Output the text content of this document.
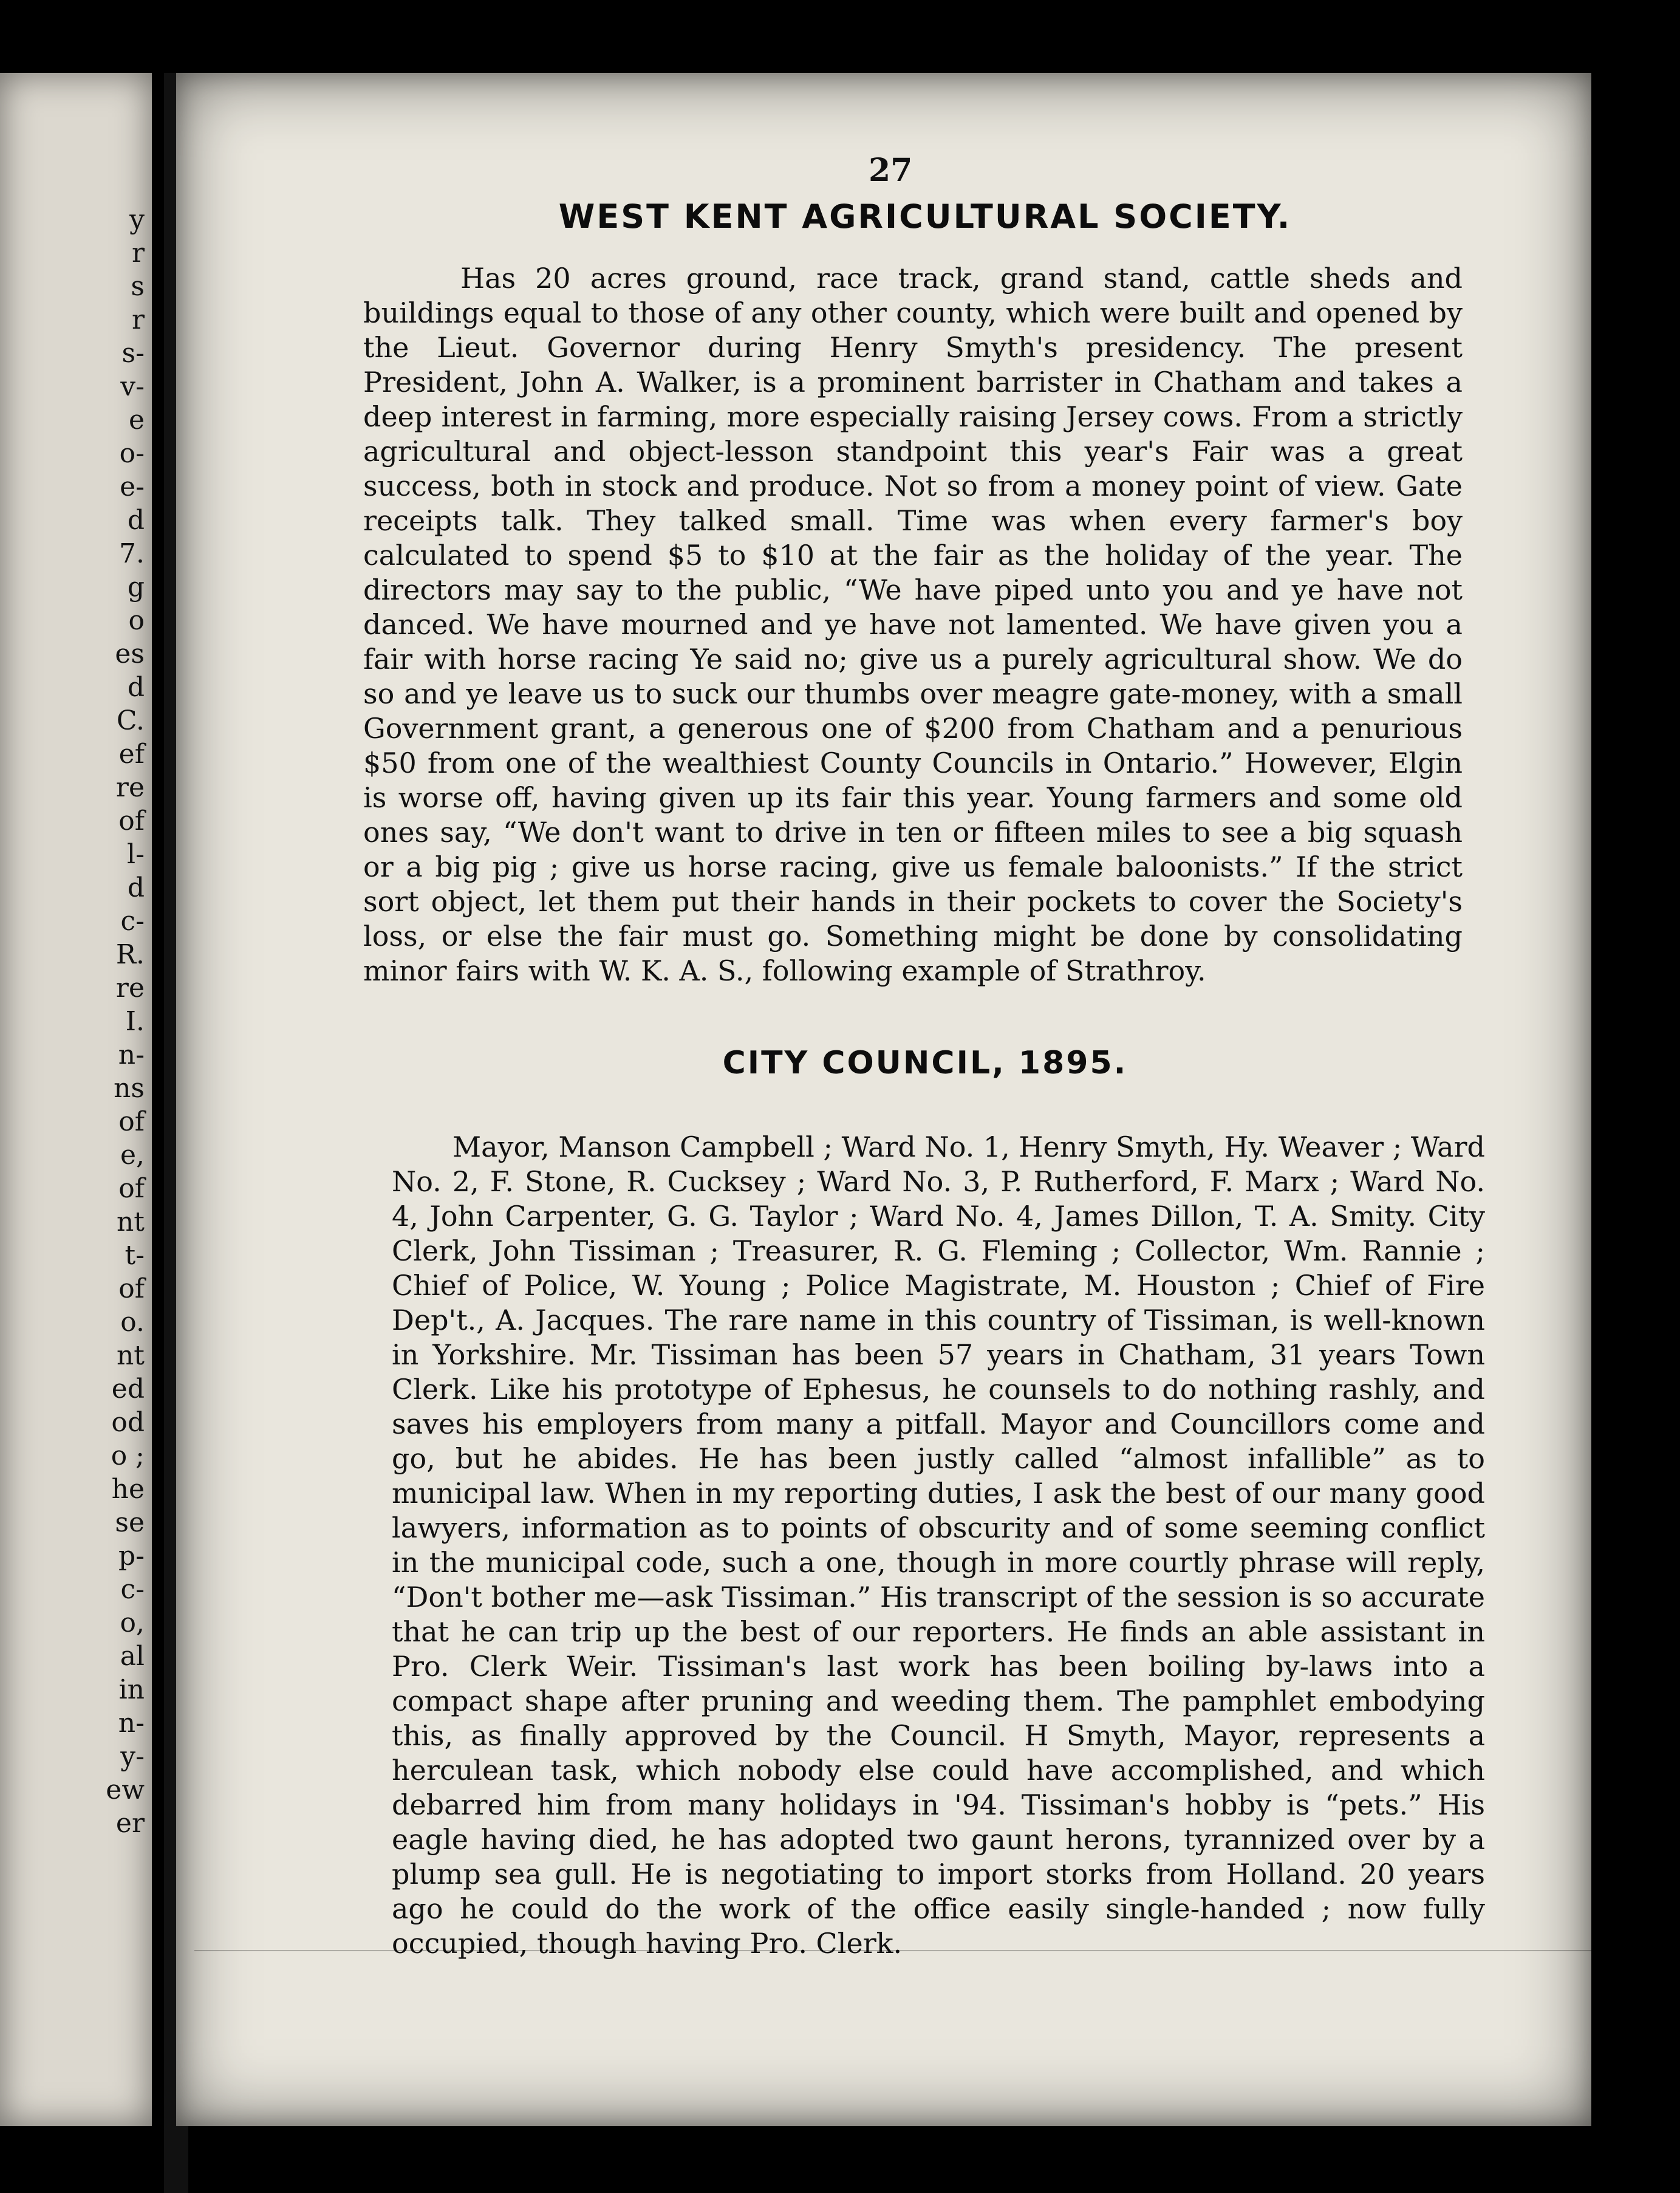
y
r
s
r
s-
v-
e
o-
e-
d
7.
g
o
es
d
C.
ef
re
of
l-
d
c-
R.
re
I.
n-
ns
of
e,
of
nt
t-
of
o.
nt
ed
od
o ;
he
se
p-
c-
o,
al
in
n-
y-
ew
er
27
WEST KENT AGRICULTURAL SOCIETY.

Has 20 acres ground, race track, grand stand, cattle sheds and buildings equal to those of any other county, which were built and opened by the Lieut. Governor during Henry Smyth's presidency. The present President, John A. Walker, is a prominent barrister in Chatham and takes a deep interest in farming, more especially raising Jersey cows. From a strictly agricultural and object-lesson standpoint this year's Fair was a great success, both in stock and produce. Not so from a money point of view. Gate receipts talk. They talked small. Time was when every farmer's boy calculated to spend $5 to $10 at the fair as the holiday of the year. The directors may say to the public, “We have piped unto you and ye have not danced. We have mourned and ye have not lamented. We have given you a fair with horse racing Ye said no; give us a purely agricultural show. We do so and ye leave us to suck our thumbs over meagre gate-money, with a small Government grant, a generous one of $200 from Chatham and a penurious $50 from one of the wealthiest County Councils in Ontario.” However, Elgin is worse off, having given up its fair this year. Young farmers and some old ones say, “We don't want to drive in ten or fifteen miles to see a big squash or a big pig ; give us horse racing, give us female baloonists.” If the strict sort object, let them put their hands in their pockets to cover the Society's loss, or else the fair must go. Something might be done by consolidating minor fairs with W. K. A. S., following example of Strathroy.

CITY COUNCIL, 1895.

Mayor, Manson Campbell ; Ward No. 1, Henry Smyth, Hy. Weaver ; Ward No. 2, F. Stone, R. Cucksey ; Ward No. 3, P. Rutherford, F. Marx ; Ward No. 4, John Carpenter, G. G. Taylor ; Ward No. 4, James Dillon, T. A. Smity. City Clerk, John Tissiman ; Treasurer, R. G. Fleming ; Collector, Wm. Rannie ; Chief of Police, W. Young ; Police Magistrate, M. Houston ; Chief of Fire Dep't., A. Jacques. The rare name in this country of Tissiman, is well-known in Yorkshire. Mr. Tissiman has been 57 years in Chatham, 31 years Town Clerk. Like his prototype of Ephesus, he counsels to do nothing rashly, and saves his employers from many a pitfall. Mayor and Councillors come and go, but he abides. He has been justly called “almost infallible” as to municipal law. When in my reporting duties, I ask the best of our many good lawyers, information as to points of obscurity and of some seeming conflict in the municipal code, such a one, though in more courtly phrase will reply, “Don't bother me—ask Tissiman.” His transcript of the session is so accurate that he can trip up the best of our reporters. He finds an able assistant in Pro. Clerk Weir. Tissiman's last work has been boiling by-laws into a compact shape after pruning and weeding them. The pamphlet embodying this, as finally approved by the Council. H Smyth, Mayor, represents a herculean task, which nobody else could have accomplished, and which debarred him from many holidays in '94. Tissiman's hobby is “pets.” His eagle having died, he has adopted two gaunt herons, tyrannized over by a plump sea gull. He is negotiating to import storks from Holland. 20 years ago he could do the work of the office easily single-handed ; now fully occupied, though having Pro. Clerk.
